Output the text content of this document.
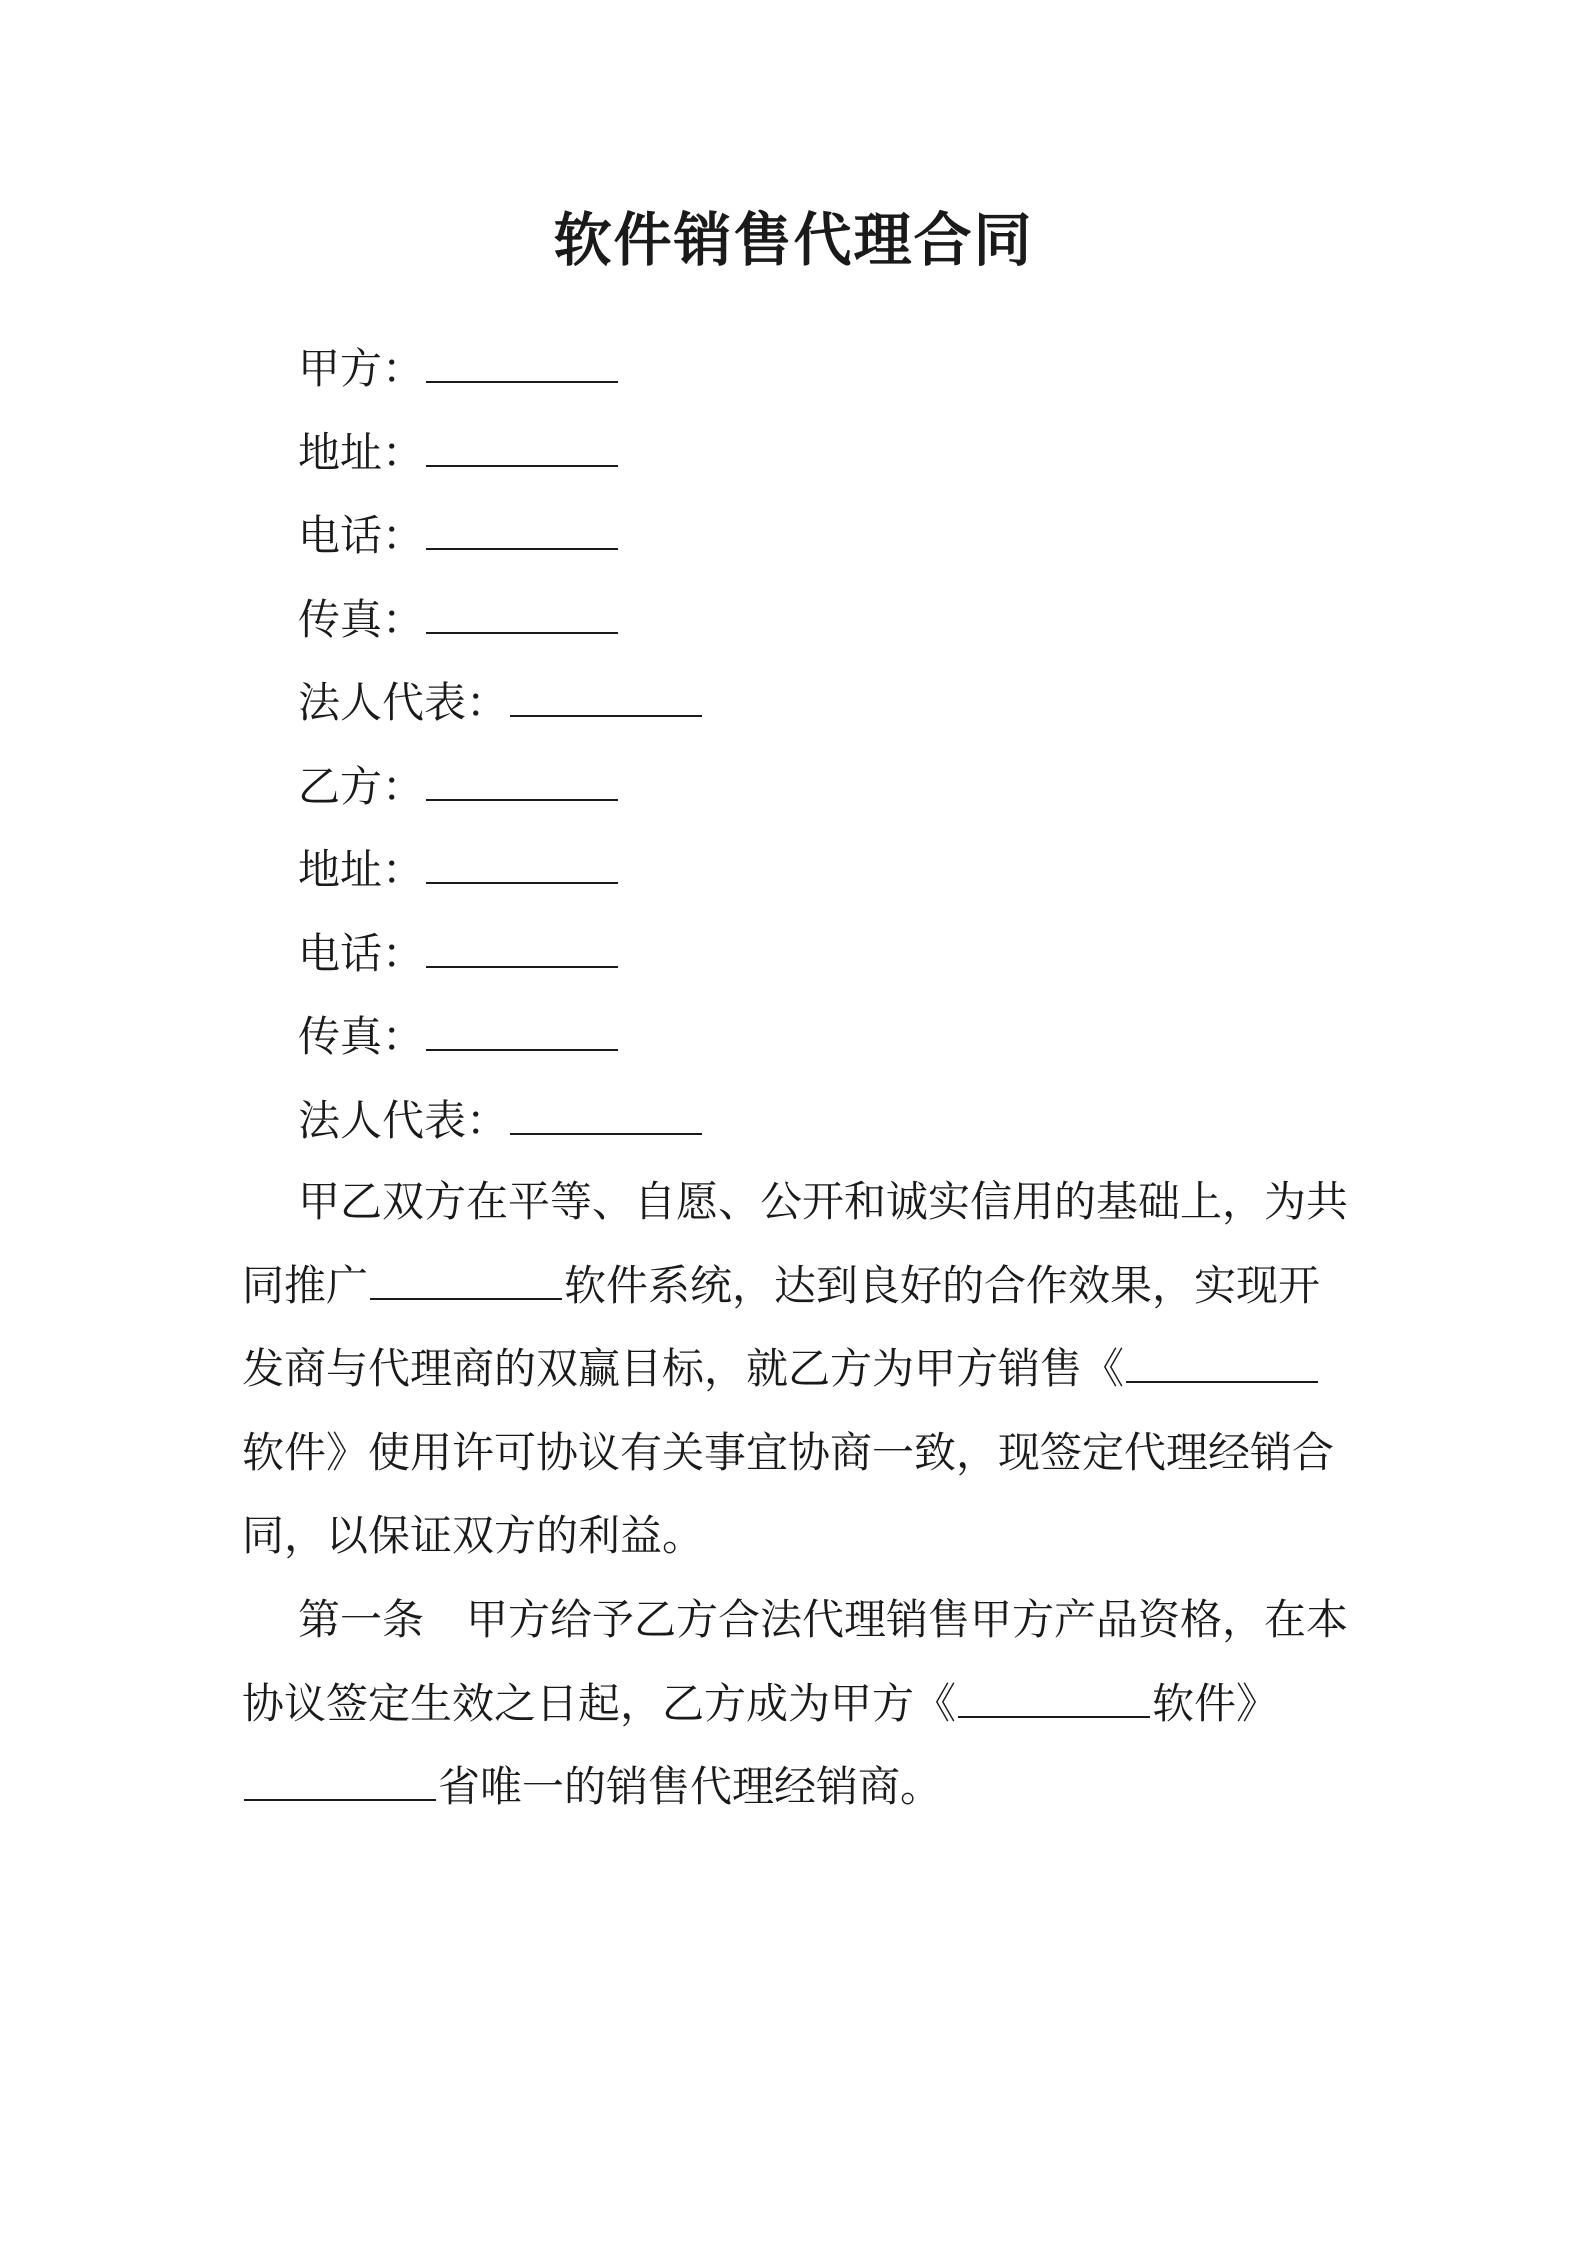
软件销售代理合同
甲方：
地址：
电话：
传真：
法人代表：
乙方：
地址：
电话：
传真：
法人代表：
甲乙双方在平等、自愿、公开和诚实信用的基础上，为共
同推广	软件系统，达到良好的合作效果，实现开
发商与代理商的双赢目标，就乙方为甲方销售《
软件》使用许可协议有关事宜协商一致，现签定代理经销合
同，以保证双方的利益。
第一条 甲方给予乙方合法代理销售甲方产品资格，在本
协议签定生效之日起，乙方成为甲方《	软件》
省唯一的销售代理经销商。
